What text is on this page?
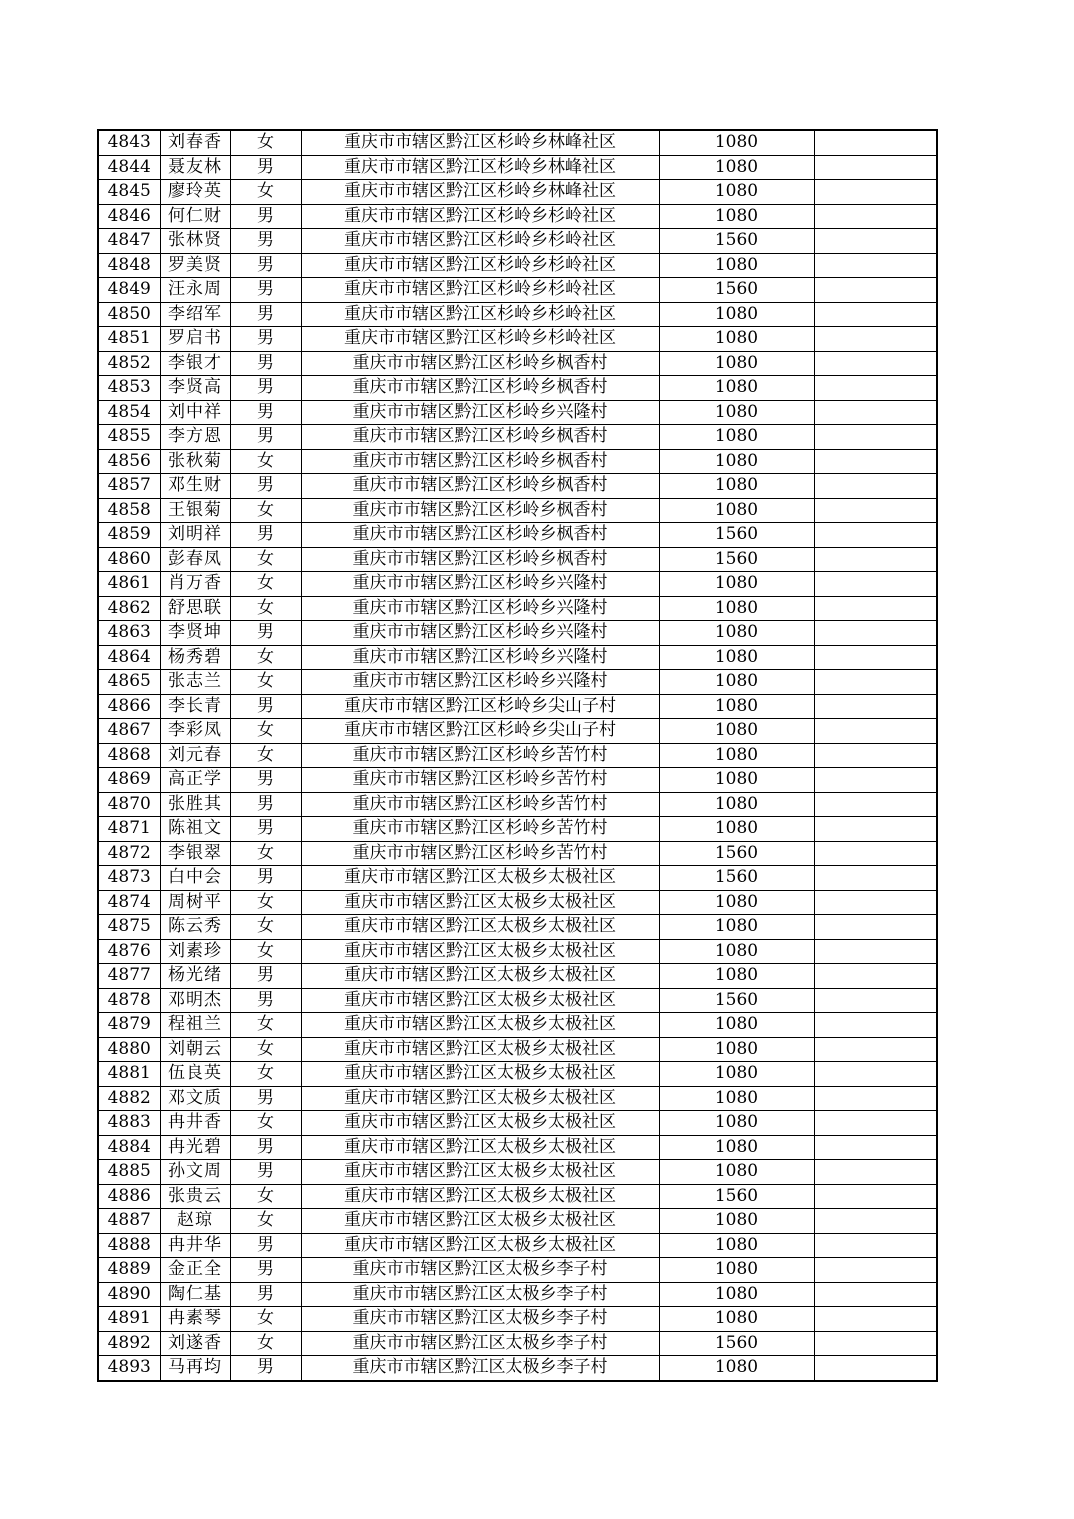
4843	刘春香	女	重庆市市辖区黔江区杉岭乡林峰社区	1080	
4844	聂友林	男	重庆市市辖区黔江区杉岭乡林峰社区	1080	
4845	廖玲英	女	重庆市市辖区黔江区杉岭乡林峰社区	1080	
4846	何仁财	男	重庆市市辖区黔江区杉岭乡杉岭社区	1080	
4847	张林贤	男	重庆市市辖区黔江区杉岭乡杉岭社区	1560	
4848	罗美贤	男	重庆市市辖区黔江区杉岭乡杉岭社区	1080	
4849	汪永周	男	重庆市市辖区黔江区杉岭乡杉岭社区	1560	
4850	李绍军	男	重庆市市辖区黔江区杉岭乡杉岭社区	1080	
4851	罗启书	男	重庆市市辖区黔江区杉岭乡杉岭社区	1080	
4852	李银才	男	重庆市市辖区黔江区杉岭乡枫香村	1080	
4853	李贤高	男	重庆市市辖区黔江区杉岭乡枫香村	1080	
4854	刘中祥	男	重庆市市辖区黔江区杉岭乡兴隆村	1080	
4855	李方恩	男	重庆市市辖区黔江区杉岭乡枫香村	1080	
4856	张秋菊	女	重庆市市辖区黔江区杉岭乡枫香村	1080	
4857	邓生财	男	重庆市市辖区黔江区杉岭乡枫香村	1080	
4858	王银菊	女	重庆市市辖区黔江区杉岭乡枫香村	1080	
4859	刘明祥	男	重庆市市辖区黔江区杉岭乡枫香村	1560	
4860	彭春凤	女	重庆市市辖区黔江区杉岭乡枫香村	1560	
4861	肖万香	女	重庆市市辖区黔江区杉岭乡兴隆村	1080	
4862	舒思联	女	重庆市市辖区黔江区杉岭乡兴隆村	1080	
4863	李贤坤	男	重庆市市辖区黔江区杉岭乡兴隆村	1080	
4864	杨秀碧	女	重庆市市辖区黔江区杉岭乡兴隆村	1080	
4865	张志兰	女	重庆市市辖区黔江区杉岭乡兴隆村	1080	
4866	李长青	男	重庆市市辖区黔江区杉岭乡尖山子村	1080	
4867	李彩凤	女	重庆市市辖区黔江区杉岭乡尖山子村	1080	
4868	刘元春	女	重庆市市辖区黔江区杉岭乡苦竹村	1080	
4869	高正学	男	重庆市市辖区黔江区杉岭乡苦竹村	1080	
4870	张胜其	男	重庆市市辖区黔江区杉岭乡苦竹村	1080	
4871	陈祖文	男	重庆市市辖区黔江区杉岭乡苦竹村	1080	
4872	李银翠	女	重庆市市辖区黔江区杉岭乡苦竹村	1560	
4873	白中会	男	重庆市市辖区黔江区太极乡太极社区	1560	
4874	周树平	女	重庆市市辖区黔江区太极乡太极社区	1080	
4875	陈云秀	女	重庆市市辖区黔江区太极乡太极社区	1080	
4876	刘素珍	女	重庆市市辖区黔江区太极乡太极社区	1080	
4877	杨光绪	男	重庆市市辖区黔江区太极乡太极社区	1080	
4878	邓明杰	男	重庆市市辖区黔江区太极乡太极社区	1560	
4879	程祖兰	女	重庆市市辖区黔江区太极乡太极社区	1080	
4880	刘朝云	女	重庆市市辖区黔江区太极乡太极社区	1080	
4881	伍良英	女	重庆市市辖区黔江区太极乡太极社区	1080	
4882	邓文质	男	重庆市市辖区黔江区太极乡太极社区	1080	
4883	冉井香	女	重庆市市辖区黔江区太极乡太极社区	1080	
4884	冉光碧	男	重庆市市辖区黔江区太极乡太极社区	1080	
4885	孙文周	男	重庆市市辖区黔江区太极乡太极社区	1080	
4886	张贵云	女	重庆市市辖区黔江区太极乡太极社区	1560	
4887	赵琼	女	重庆市市辖区黔江区太极乡太极社区	1080	
4888	冉井华	男	重庆市市辖区黔江区太极乡太极社区	1080	
4889	金正全	男	重庆市市辖区黔江区太极乡李子村	1080	
4890	陶仁基	男	重庆市市辖区黔江区太极乡李子村	1080	
4891	冉素琴	女	重庆市市辖区黔江区太极乡李子村	1080	
4892	刘遂香	女	重庆市市辖区黔江区太极乡李子村	1560	
4893	马再均	男	重庆市市辖区黔江区太极乡李子村	1080	
